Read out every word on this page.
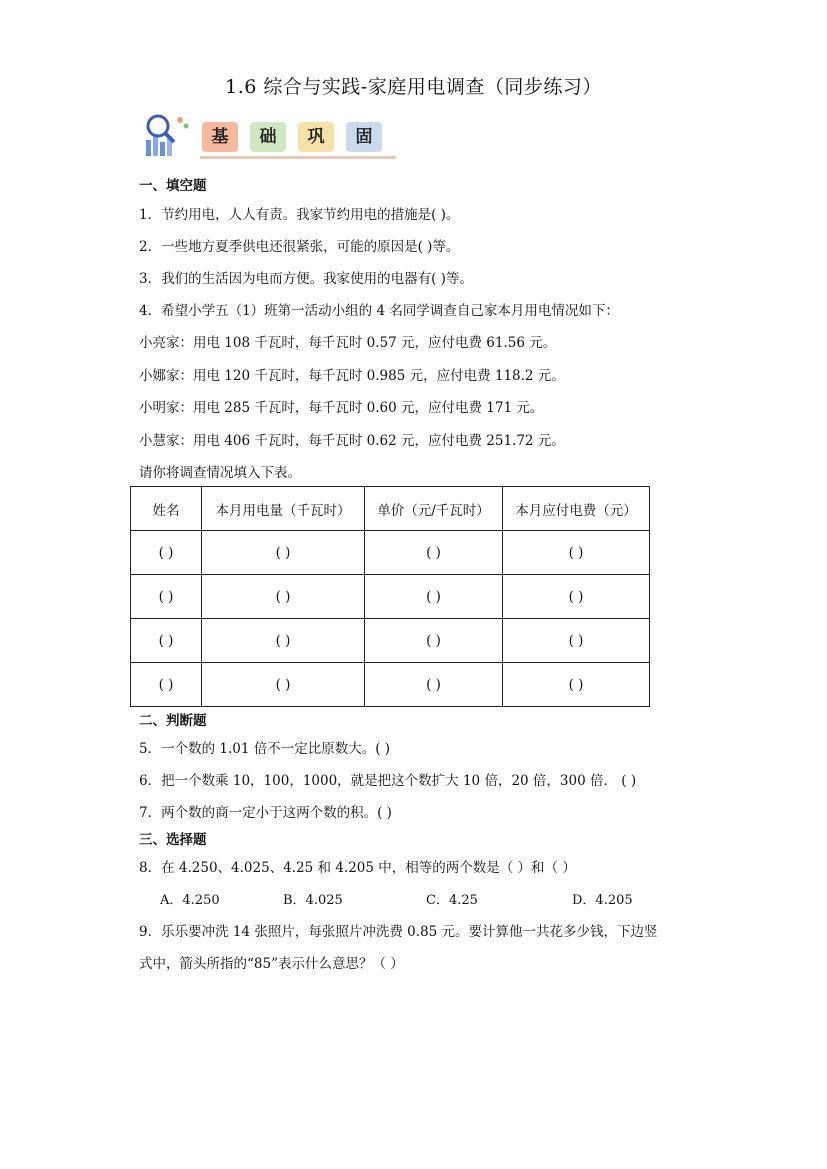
1.6 综合与实践-家庭用电调查（同步练习）
基	础	巩	固
一、填空题
1．节约用电，人人有责。我家节约用电的措施是( )。
2．一些地方夏季供电还很紧张，可能的原因是( )等。
3．我们的生活因为电而方便。我家使用的电器有( )等。
4．希望小学五（1）班第一活动小组的 4 名同学调查自己家本月用电情况如下：
小亮家：用电 108 千瓦时，每千瓦时 0.57 元，应付电费 61.56 元。
小娜家：用电 120 千瓦时，每千瓦时 0.985 元，应付电费 118.2 元。
小明家：用电 285 千瓦时，每千瓦时 0.60 元，应付电费 171 元。
小慧家：用电 406 千瓦时，每千瓦时 0.62 元，应付电费 251.72 元。
请你将调查情况填入下表。
姓名	本月用电量（千瓦时）	单价（元/千瓦时）	本月应付电费（元）
( )	( )	( )	( )
( )	( )	( )	( )
( )	( )	( )	( )
( )	( )	( )	( )
二、判断题
5．一个数的 1.01 倍不一定比原数大。( )
6．把一个数乘 10，100，1000，就是把这个数扩大 10 倍，20 倍，300 倍． ( )
7．两个数的商一定小于这两个数的积。( )
三、选择题
8．在 4.250、4.025、4.25 和 4.205 中，相等的两个数是（ ）和（ ）
A．4.250	B．4.025	C．4.25	D．4.205
9．乐乐要冲洗 14 张照片，每张照片冲洗费 0.85 元。要计算他一共花多少钱，下边竖
式中，箭头所指的“85”表示什么意思？（ ）
